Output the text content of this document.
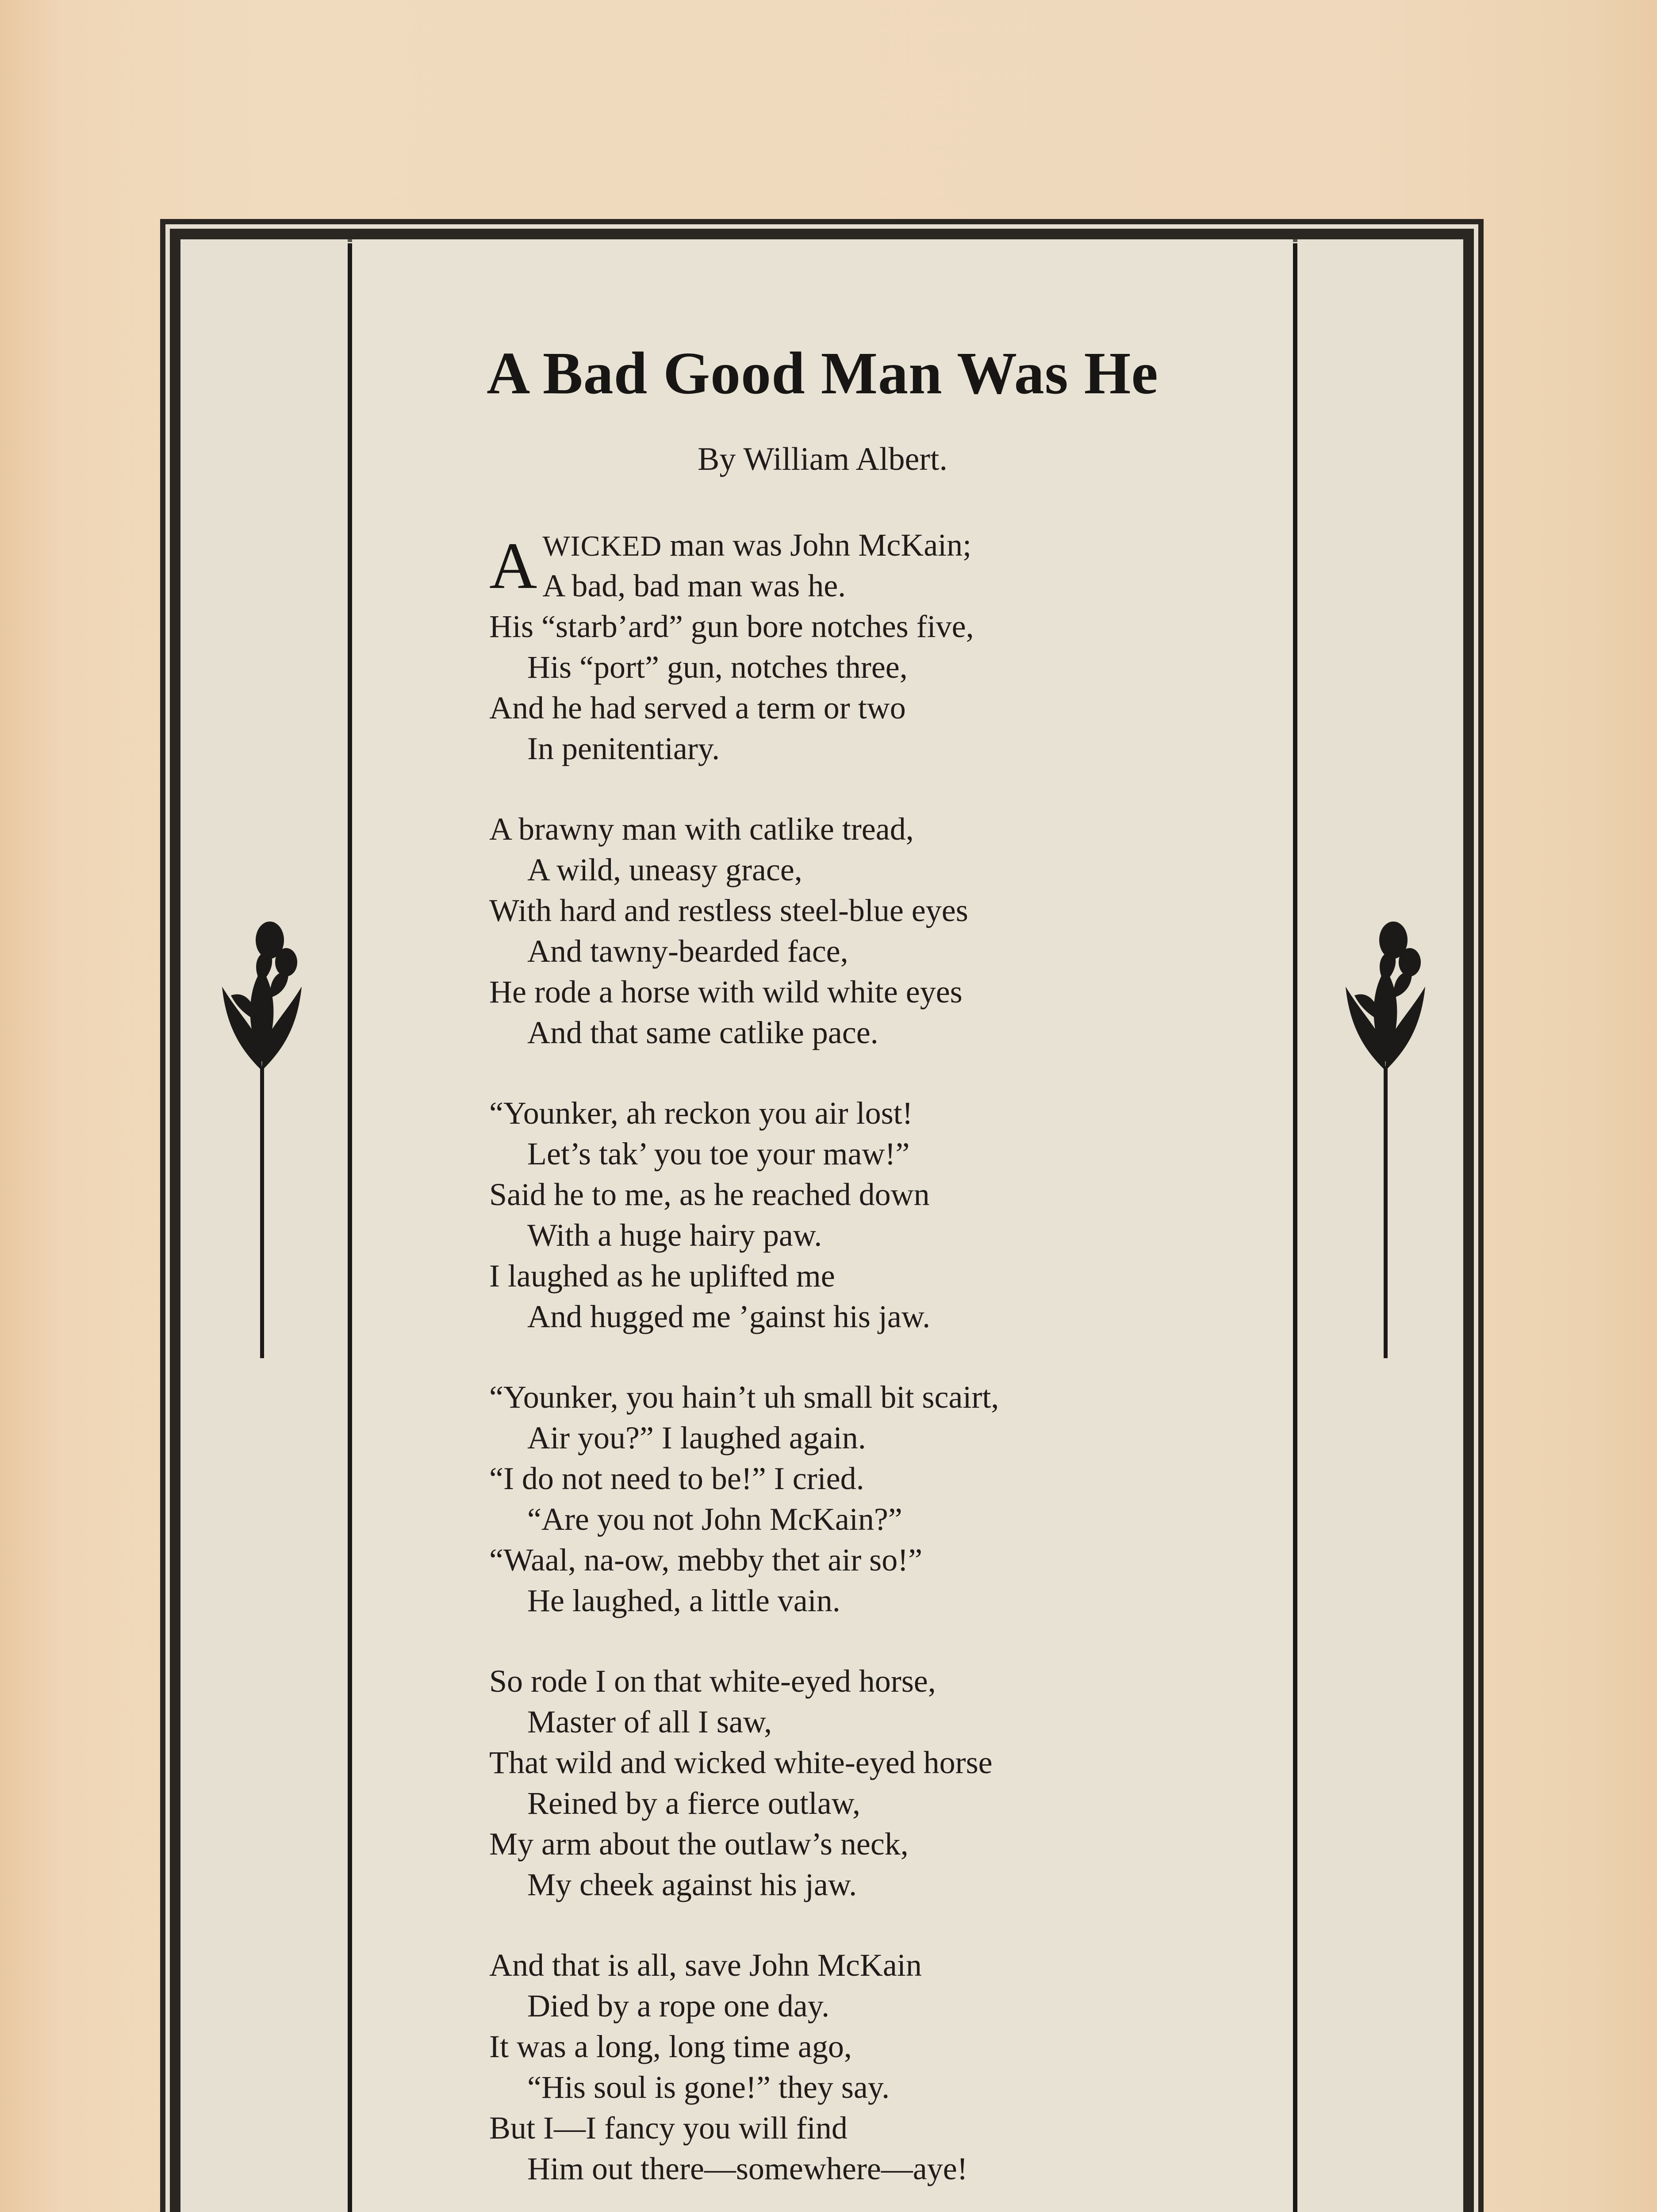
A Bad Good Man Was He
By William Albert.
AWICKED man was John McKain;
A bad, bad man was he.
His “starb’ard” gun bore notches five,
His “port” gun, notches three,
And he had served a term or two
In penitentiary.
A brawny man with catlike tread,
A wild, uneasy grace,
With hard and restless steel-blue eyes
And tawny-bearded face,
He rode a horse with wild white eyes
And that same catlike pace.
“Younker, ah reckon you air lost!
Let’s tak’ you toe your maw!”
Said he to me, as he reached down
With a huge hairy paw.
I laughed as he uplifted me
And hugged me ’gainst his jaw.
“Younker, you hain’t uh small bit scairt,
Air you?” I laughed again.
“I do not need to be!” I cried.
“Are you not John McKain?”
“Waal, na-ow, mebby thet air so!”
He laughed, a little vain.
So rode I on that white-eyed horse,
Master of all I saw,
That wild and wicked white-eyed horse
Reined by a fierce outlaw,
My arm about the outlaw’s neck,
My cheek against his jaw.
And that is all, save John McKain
Died by a rope one day.
It was a long, long time ago,
“His soul is gone!” they say.
But I—I fancy you will find
Him out there—somewhere—aye!
